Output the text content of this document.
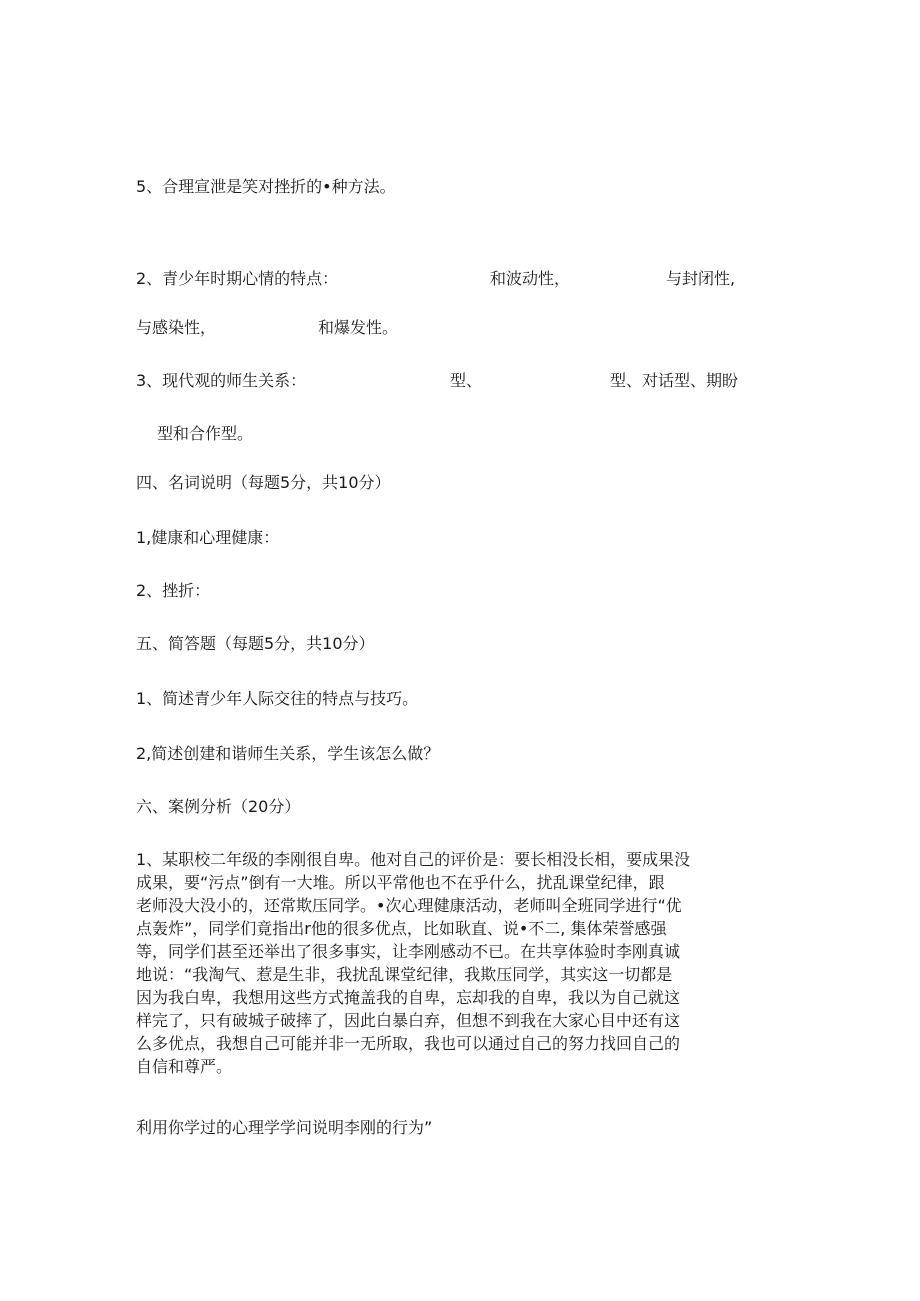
5、合理宣泄是笑对挫折的•种方法。

2、青少年时期心情的特点：	和波动性，	与封闭性,

与感染性，	和爆发性。

3、现代观的师生关系：	型、	型、对话型、期盼

型和合作型。

四、名词说明（每题5分，共10分）

1,健康和心理健康：

2、挫折：

五、简答题（每题5分，共10分）

1、简述青少年人际交往的特点与技巧。

2,简述创建和谐师生关系，学生该怎么做？

六、案例分析（20分）

1、某职校二年级的李刚很自卑。他对自己的评价是：要长相没长相，要成果没
成果，要“污点”倒有一大堆。所以平常他也不在乎什么，扰乱课堂纪律，跟
老师没大没小的，还常欺压同学。•次心理健康活动，老师叫全班同学进行“优
点轰炸”，同学们竟指出r他的很多优点，比如耿直、说•不二, 集体荣誉感强
等，同学们甚至还举出了很多事实，让李刚感动不已。在共享体验时李刚真诚
地说：“我淘气、惹是生非，我扰乱课堂纪律，我欺压同学，其实这一切都是
因为我白卑，我想用这些方式掩盖我的自卑，忘却我的自卑，我以为自己就这
样完了，只有破城子破摔了，因此白暴白弃，但想不到我在大家心目中还有这
么多优点，我想自己可能并非一无所取，我也可以通过自己的努力找回自己的
自信和尊严。

利用你学过的心理学学问说明李刚的行为”
